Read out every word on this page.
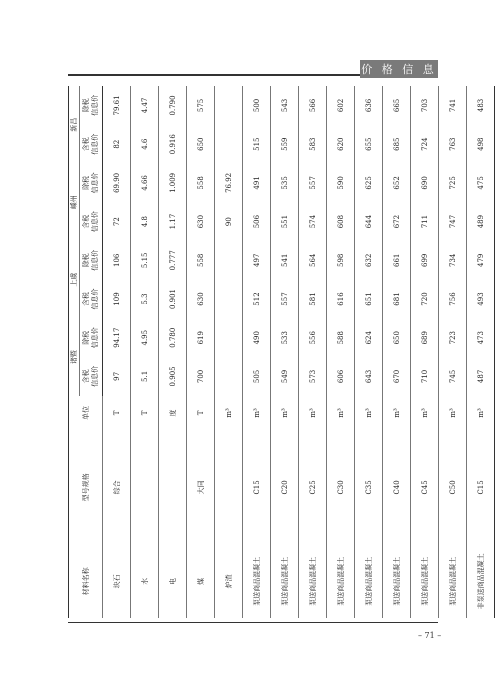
价 格 信 息
材料名称	型号规格	单位	诸暨		上虞		嵊州		新昌	

			含税 信息价	除税 信息价	含税 信息价	除税 信息价	含税 信息价	除税 信息价	含税 信息价	除税 信息价

块石	综合	T	97	94.17	109	106	72	69.90	82	79.61
水		T	5.1	4.95	5.3	5.15	4.8	4.66	4.6	4.47
电		度	0.905	0.780	0.901	0.777	1.17	1.009	0.916	0.790
煤	大同	T	700	619	630	558	630	558	650	575
炉渣		m³					90	76.92		
泵送商品混凝土	C15	m³	505	490	512	497	506	491	515	500
泵送商品混凝土	C20	m³	549	533	557	541	551	535	559	543
泵送商品混凝土	C25	m³	573	556	581	564	574	557	583	566
泵送商品混凝土	C30	m³	606	588	616	598	608	590	620	602
泵送商品混凝土	C35	m³	643	624	651	632	644	625	655	636
泵送商品混凝土	C40	m³	670	650	681	661	672	652	685	665
泵送商品混凝土	C45	m³	710	689	720	699	711	690	724	703
泵送商品混凝土	C50	m³	745	723	756	734	747	725	763	741
非泵送商品混凝土	C15	m³	487	473	493	479	489	475	498	483
– 71 –
